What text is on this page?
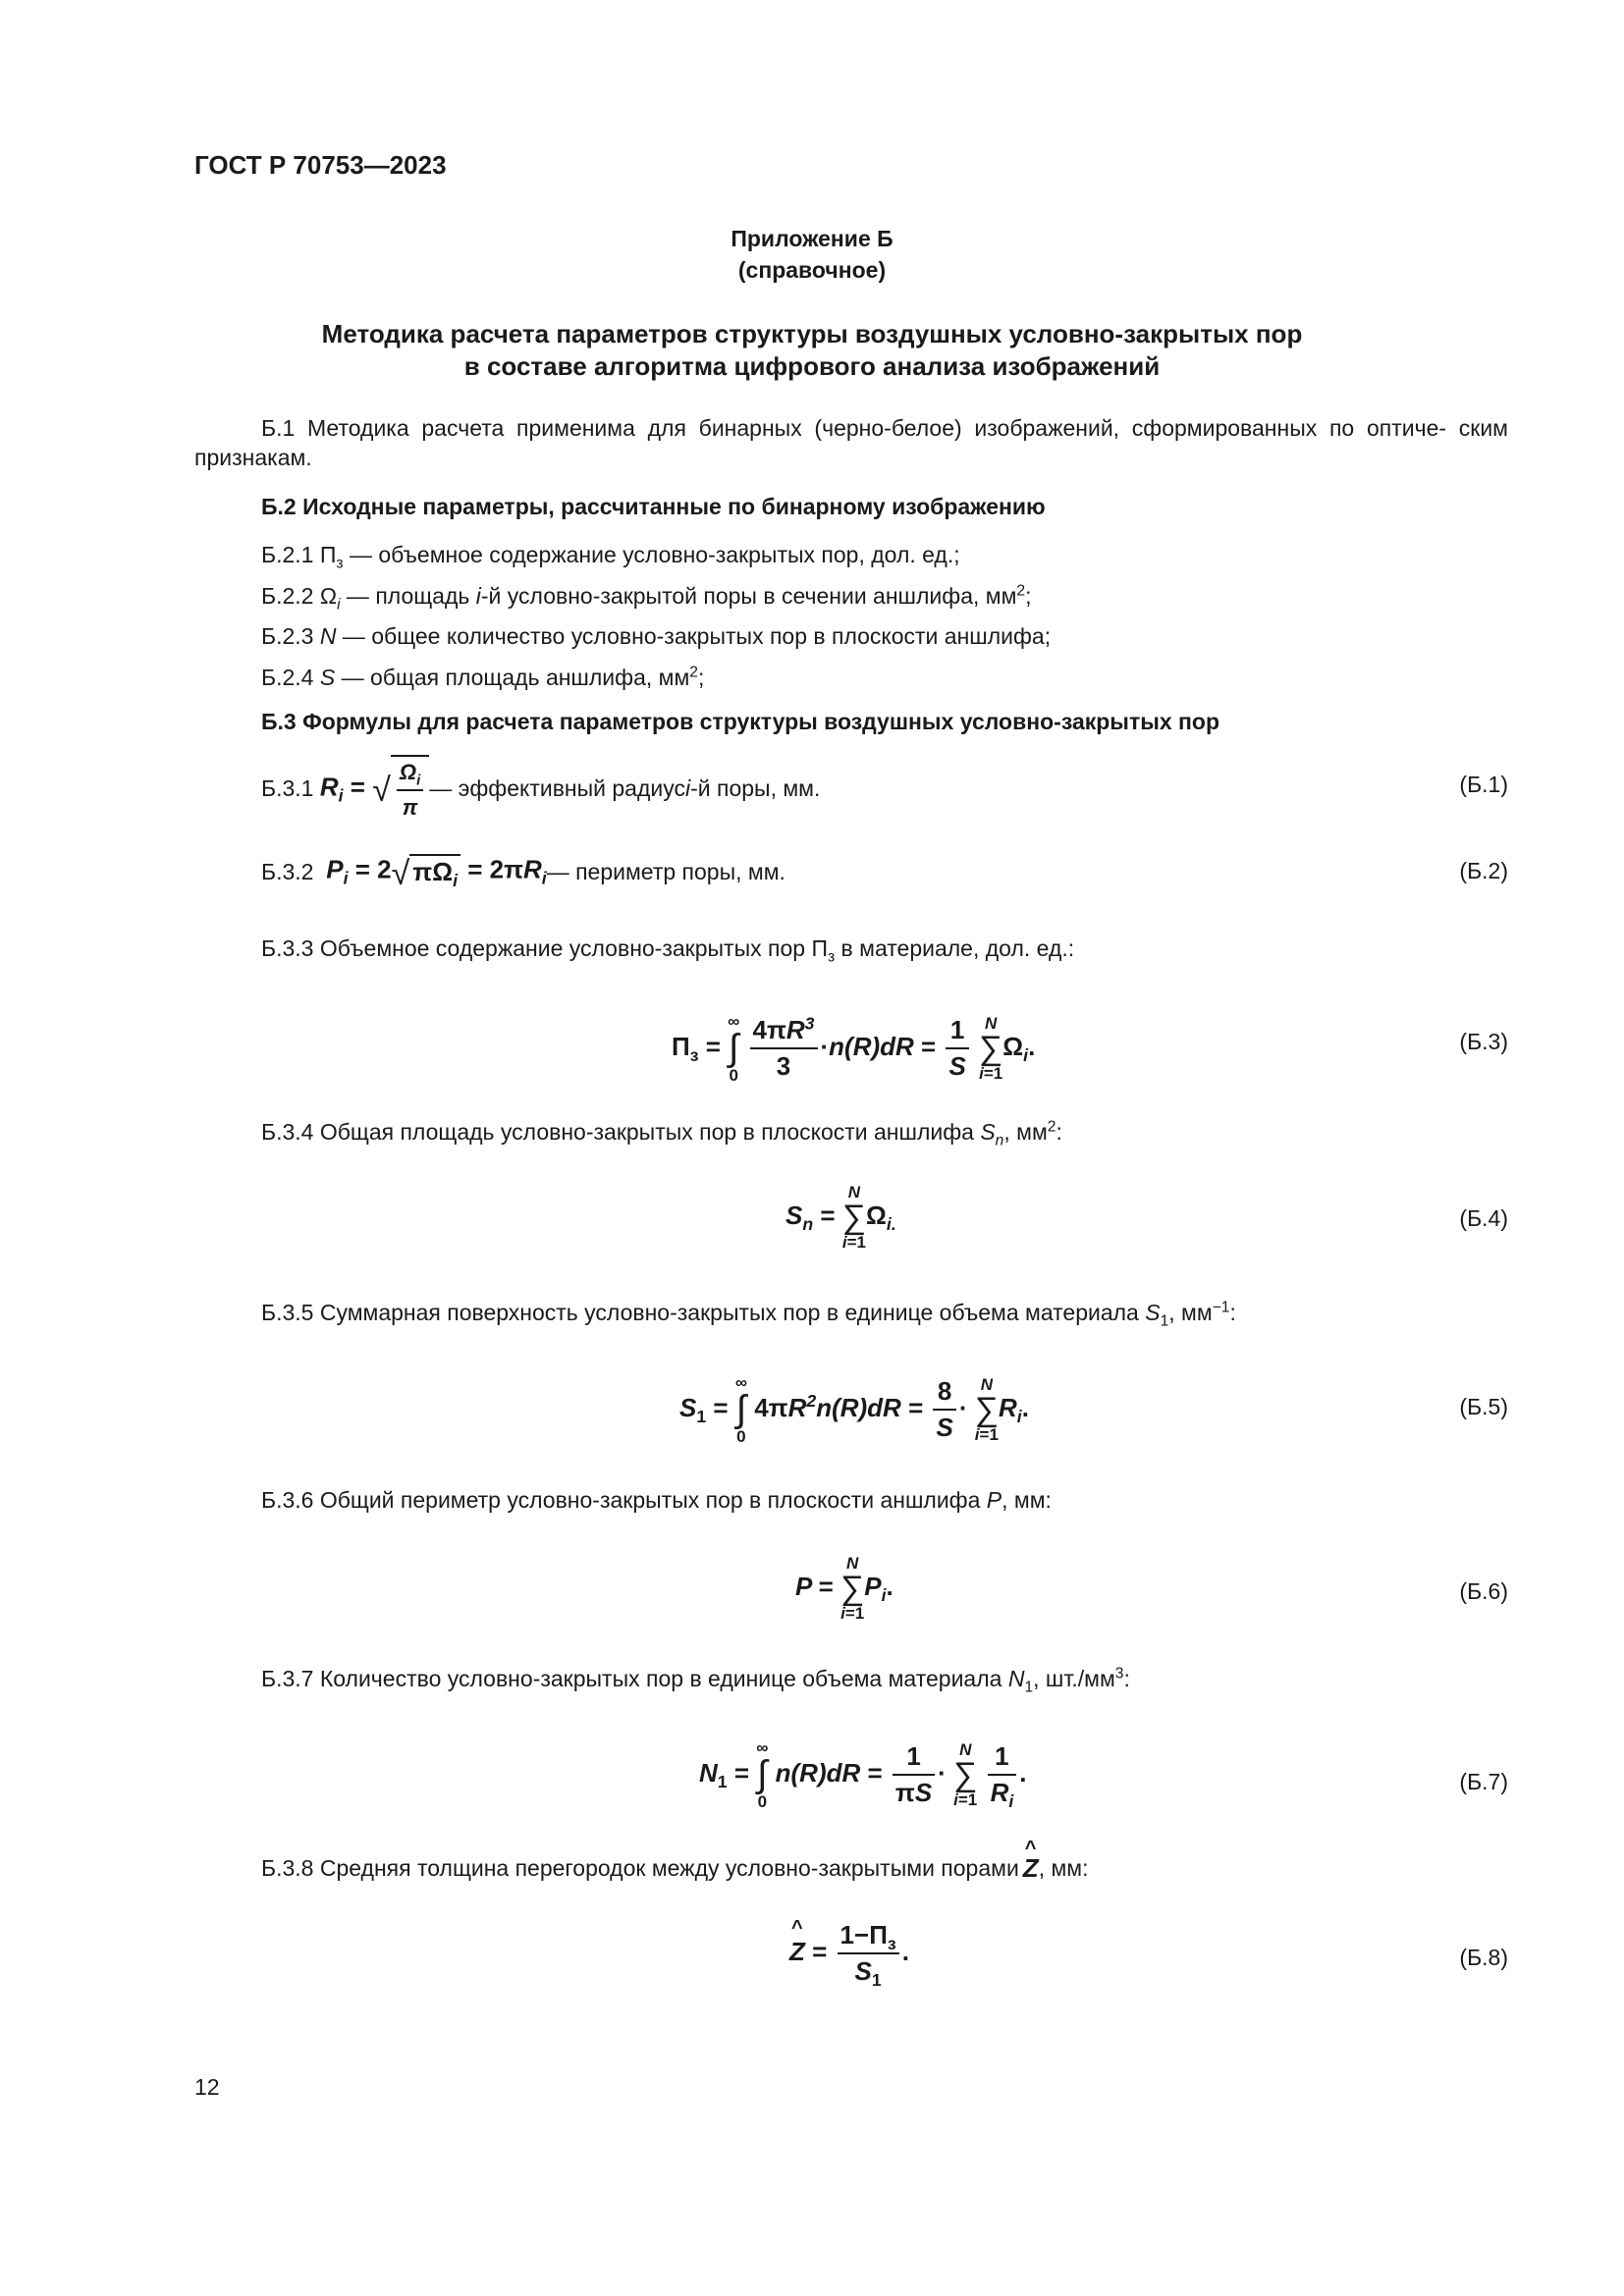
ГОСТ Р 70753—2023
Приложение Б
(справочное)
Методика расчета параметров структуры воздушных условно-закрытых пор
в составе алгоритма цифрового анализа изображений
Б.1 Методика расчета применима для бинарных (черно-белое) изображений, сформированных по оптиче- ским признакам.
Б.2 Исходные параметры, рассчитанные по бинарному изображению
Б.2.1 $П_з$ — объемное содержание условно-закрытых пор, дол. ед.;
Б.2.2 $\Omega_i$ — площадь i-й условно-закрытой поры в сечении аншлифа, $мм^2$;
Б.2.3 N — общее количество условно-закрытых пор в плоскости аншлифа;
Б.2.4 S — общая площадь аншлифа, $мм^2$;
Б.3 Формулы для расчета параметров структуры воздушных условно-закрытых пор
Б.3.1
$R_i$ = √ $\frac{\Omega_i}{\pi}$ — эффективный радиус i -й поры, мм.	(Б.1)
Б.3.2
$P_i = 2√$ $\pi\Omega_i = 2\pi R_i$ — периметр поры, мм.	(Б.2)
Б.3.3 Объемное содержание условно-закрытых пор $П_з$ в материале, дол. ед.:
$П_з$ =
∞
∫
0
$\frac{4\pi R^3}{3} \cdot n(R)dR = \frac{1}{S}$
N
∑
i=1
$\Omega_i$.	(Б.3)
Б.3.4 Общая площадь условно-закрытых пор в плоскости аншлифа $S_n$, $мм^2$:
$S_n$ =
N
∑
i=1
$\Omega_{i.}$	(Б.4)
Б.3.5 Суммарная поверхность условно-закрытых пор в единице объема материала $S_1$, $мм^{-1}$:
$S_1$ =
∞
∫
0
$4\pi R^2n(R)dR = \frac{8}{S}$ ·
N
∑
i=1
$R_i$.	(Б.5)
Б.3.6 Общий периметр условно-закрытых пор в плоскости аншлифа P, мм:
P =
N
∑
i=1
$P_i$.	(Б.6)
Б.3.7 Количество условно-закрытых пор в единице объема материала $N_1$, $шт./мм^3$:
$N_1$ =
∞
∫
0
$n(R)dR = \frac{1}{\pi S}$ ·
N
∑
i=1
$\frac{1}{R_i}$ .	(Б.7)
Б.3.8 Средняя толщина перегородок между условно-закрытыми порами Z
^
, мм:
Z
^
= $\frac{1-П_з}{S_1}$ .	(Б.8)
12
